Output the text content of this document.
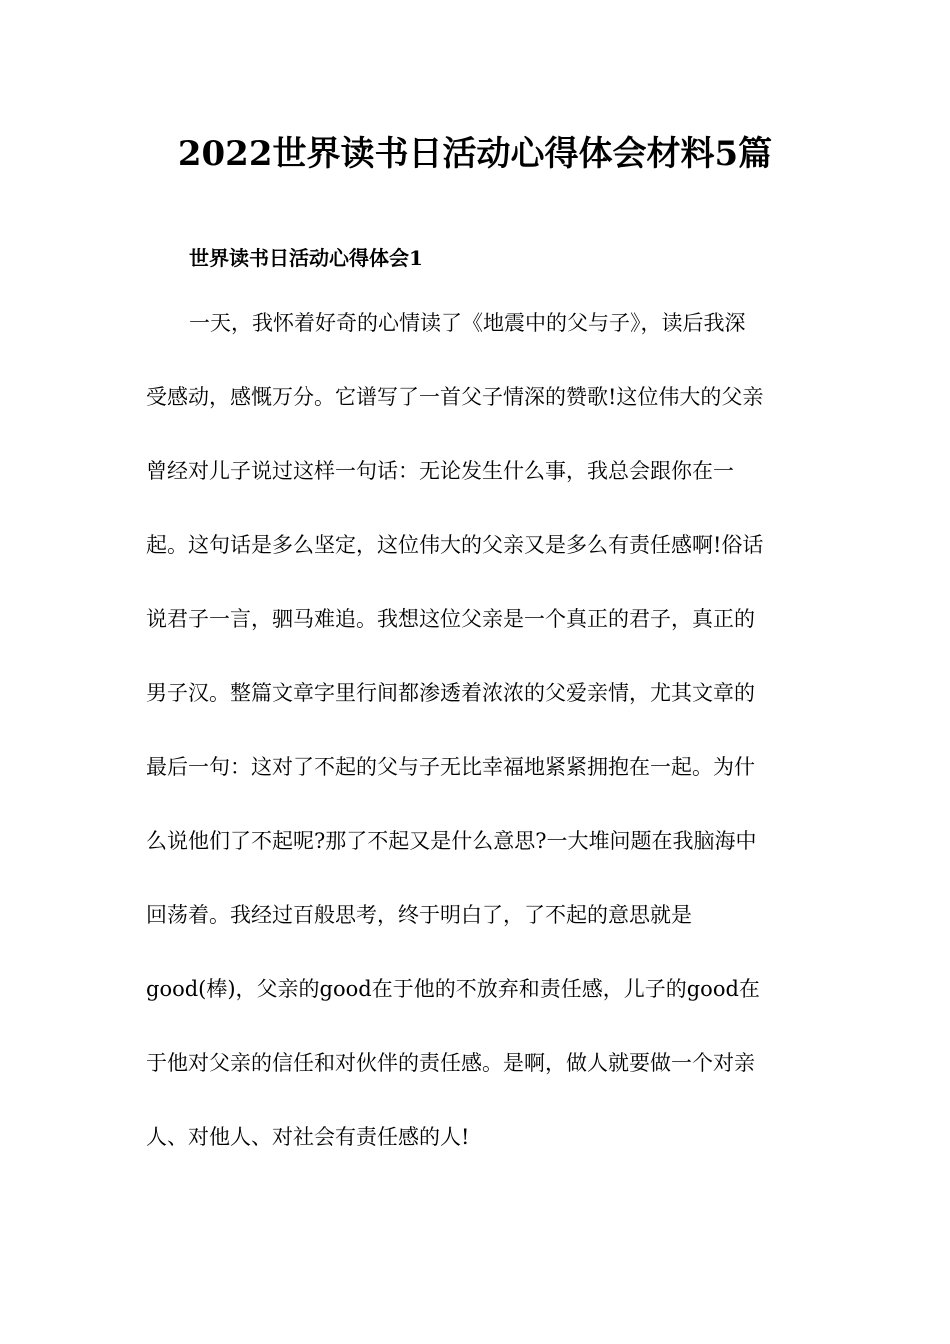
2022世界读书日活动心得体会材料5篇
世界读书日活动心得体会1
一天，我怀着好奇的心情读了《地震中的父与子》，读后我深
受感动，感慨万分。它谱写了一首父子情深的赞歌!这位伟大的父亲
曾经对儿子说过这样一句话：无论发生什么事，我总会跟你在一
起。这句话是多么坚定，这位伟大的父亲又是多么有责任感啊!俗话
说君子一言，驷马难追。我想这位父亲是一个真正的君子，真正的
男子汉。整篇文章字里行间都渗透着浓浓的父爱亲情，尤其文章的
最后一句：这对了不起的父与子无比幸福地紧紧拥抱在一起。为什
么说他们了不起呢?那了不起又是什么意思?一大堆问题在我脑海中
回荡着。我经过百般思考，终于明白了，了不起的意思就是
good(棒)，父亲的good在于他的不放弃和责任感，儿子的good在
于他对父亲的信任和对伙伴的责任感。是啊，做人就要做一个对亲
人、对他人、对社会有责任感的人!
